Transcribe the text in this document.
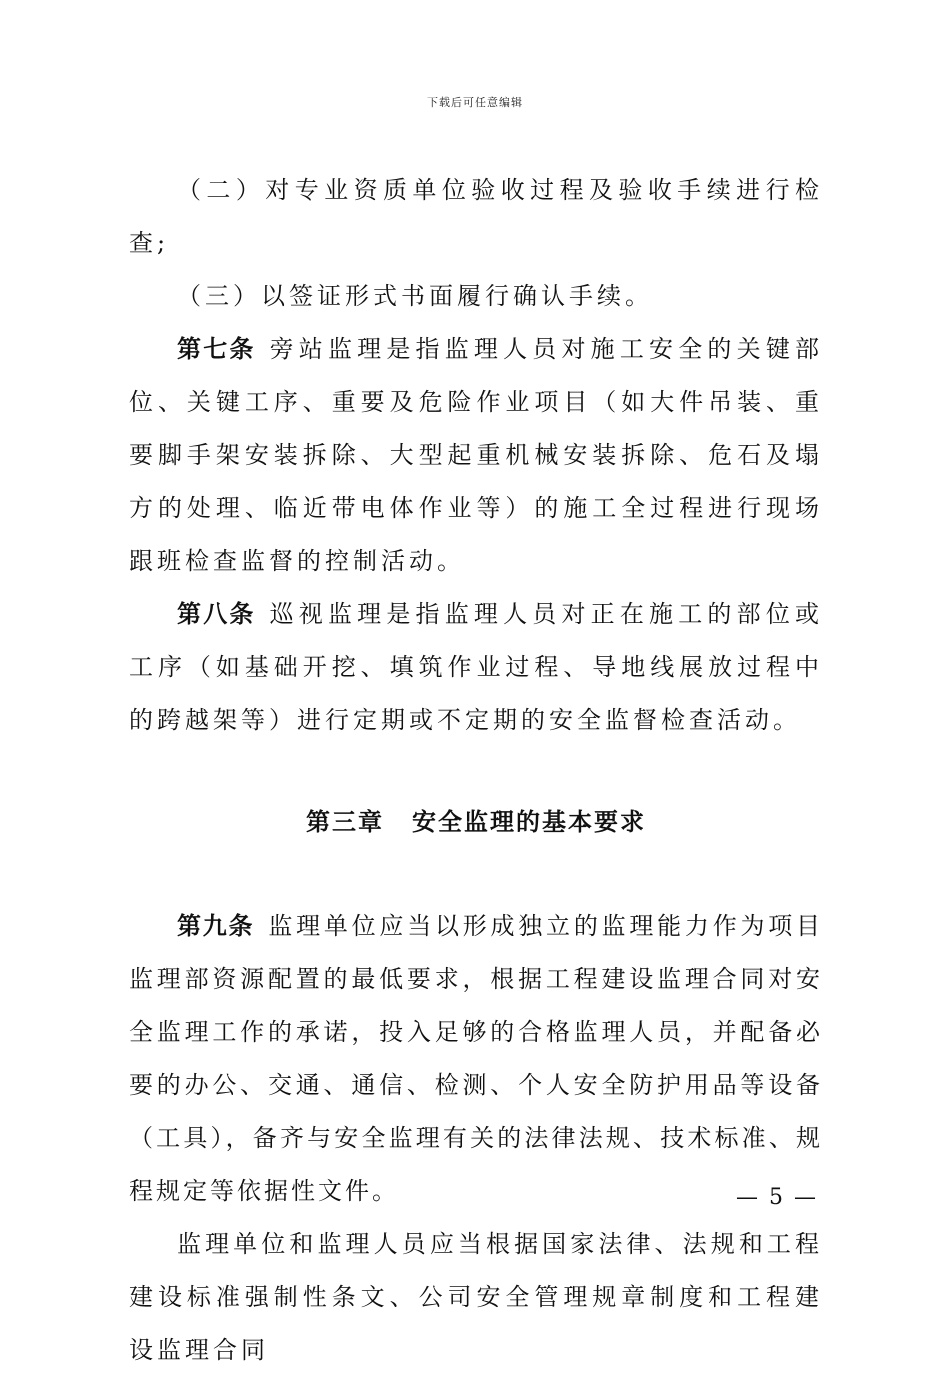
下载后可任意编辑

（二）对专业资质单位验收过程及验收手续进行检查;

（三）以签证形式书面履行确认手续。

第七条 旁站监理是指监理人员对施工安全的关键部位、关键工序、重要及危险作业项目（如大件吊装、重要脚手架安装拆除、大型起重机械安装拆除、危石及塌方的处理、临近带电体作业等）的施工全过程进行现场跟班检查监督的控制活动。

第八条 巡视监理是指监理人员对正在施工的部位或工序（如基础开挖、填筑作业过程、导地线展放过程中的跨越架等）进行定期或不定期的安全监督检查活动。

第三章 安全监理的基本要求

第九条 监理单位应当以形成独立的监理能力作为项目监理部资源配置的最低要求，根据工程建设监理合同对安全监理工作的承诺，投入足够的合格监理人员，并配备必要的办公、交通、通信、检测、个人安全防护用品等设备（工具），备齐与安全监理有关的法律法规、技术标准、规程规定等依据性文件。

监理单位和监理人员应当根据国家法律、法规和工程建设标准强制性条文、公司安全管理规章制度和工程建设监理合同

— 5 —
